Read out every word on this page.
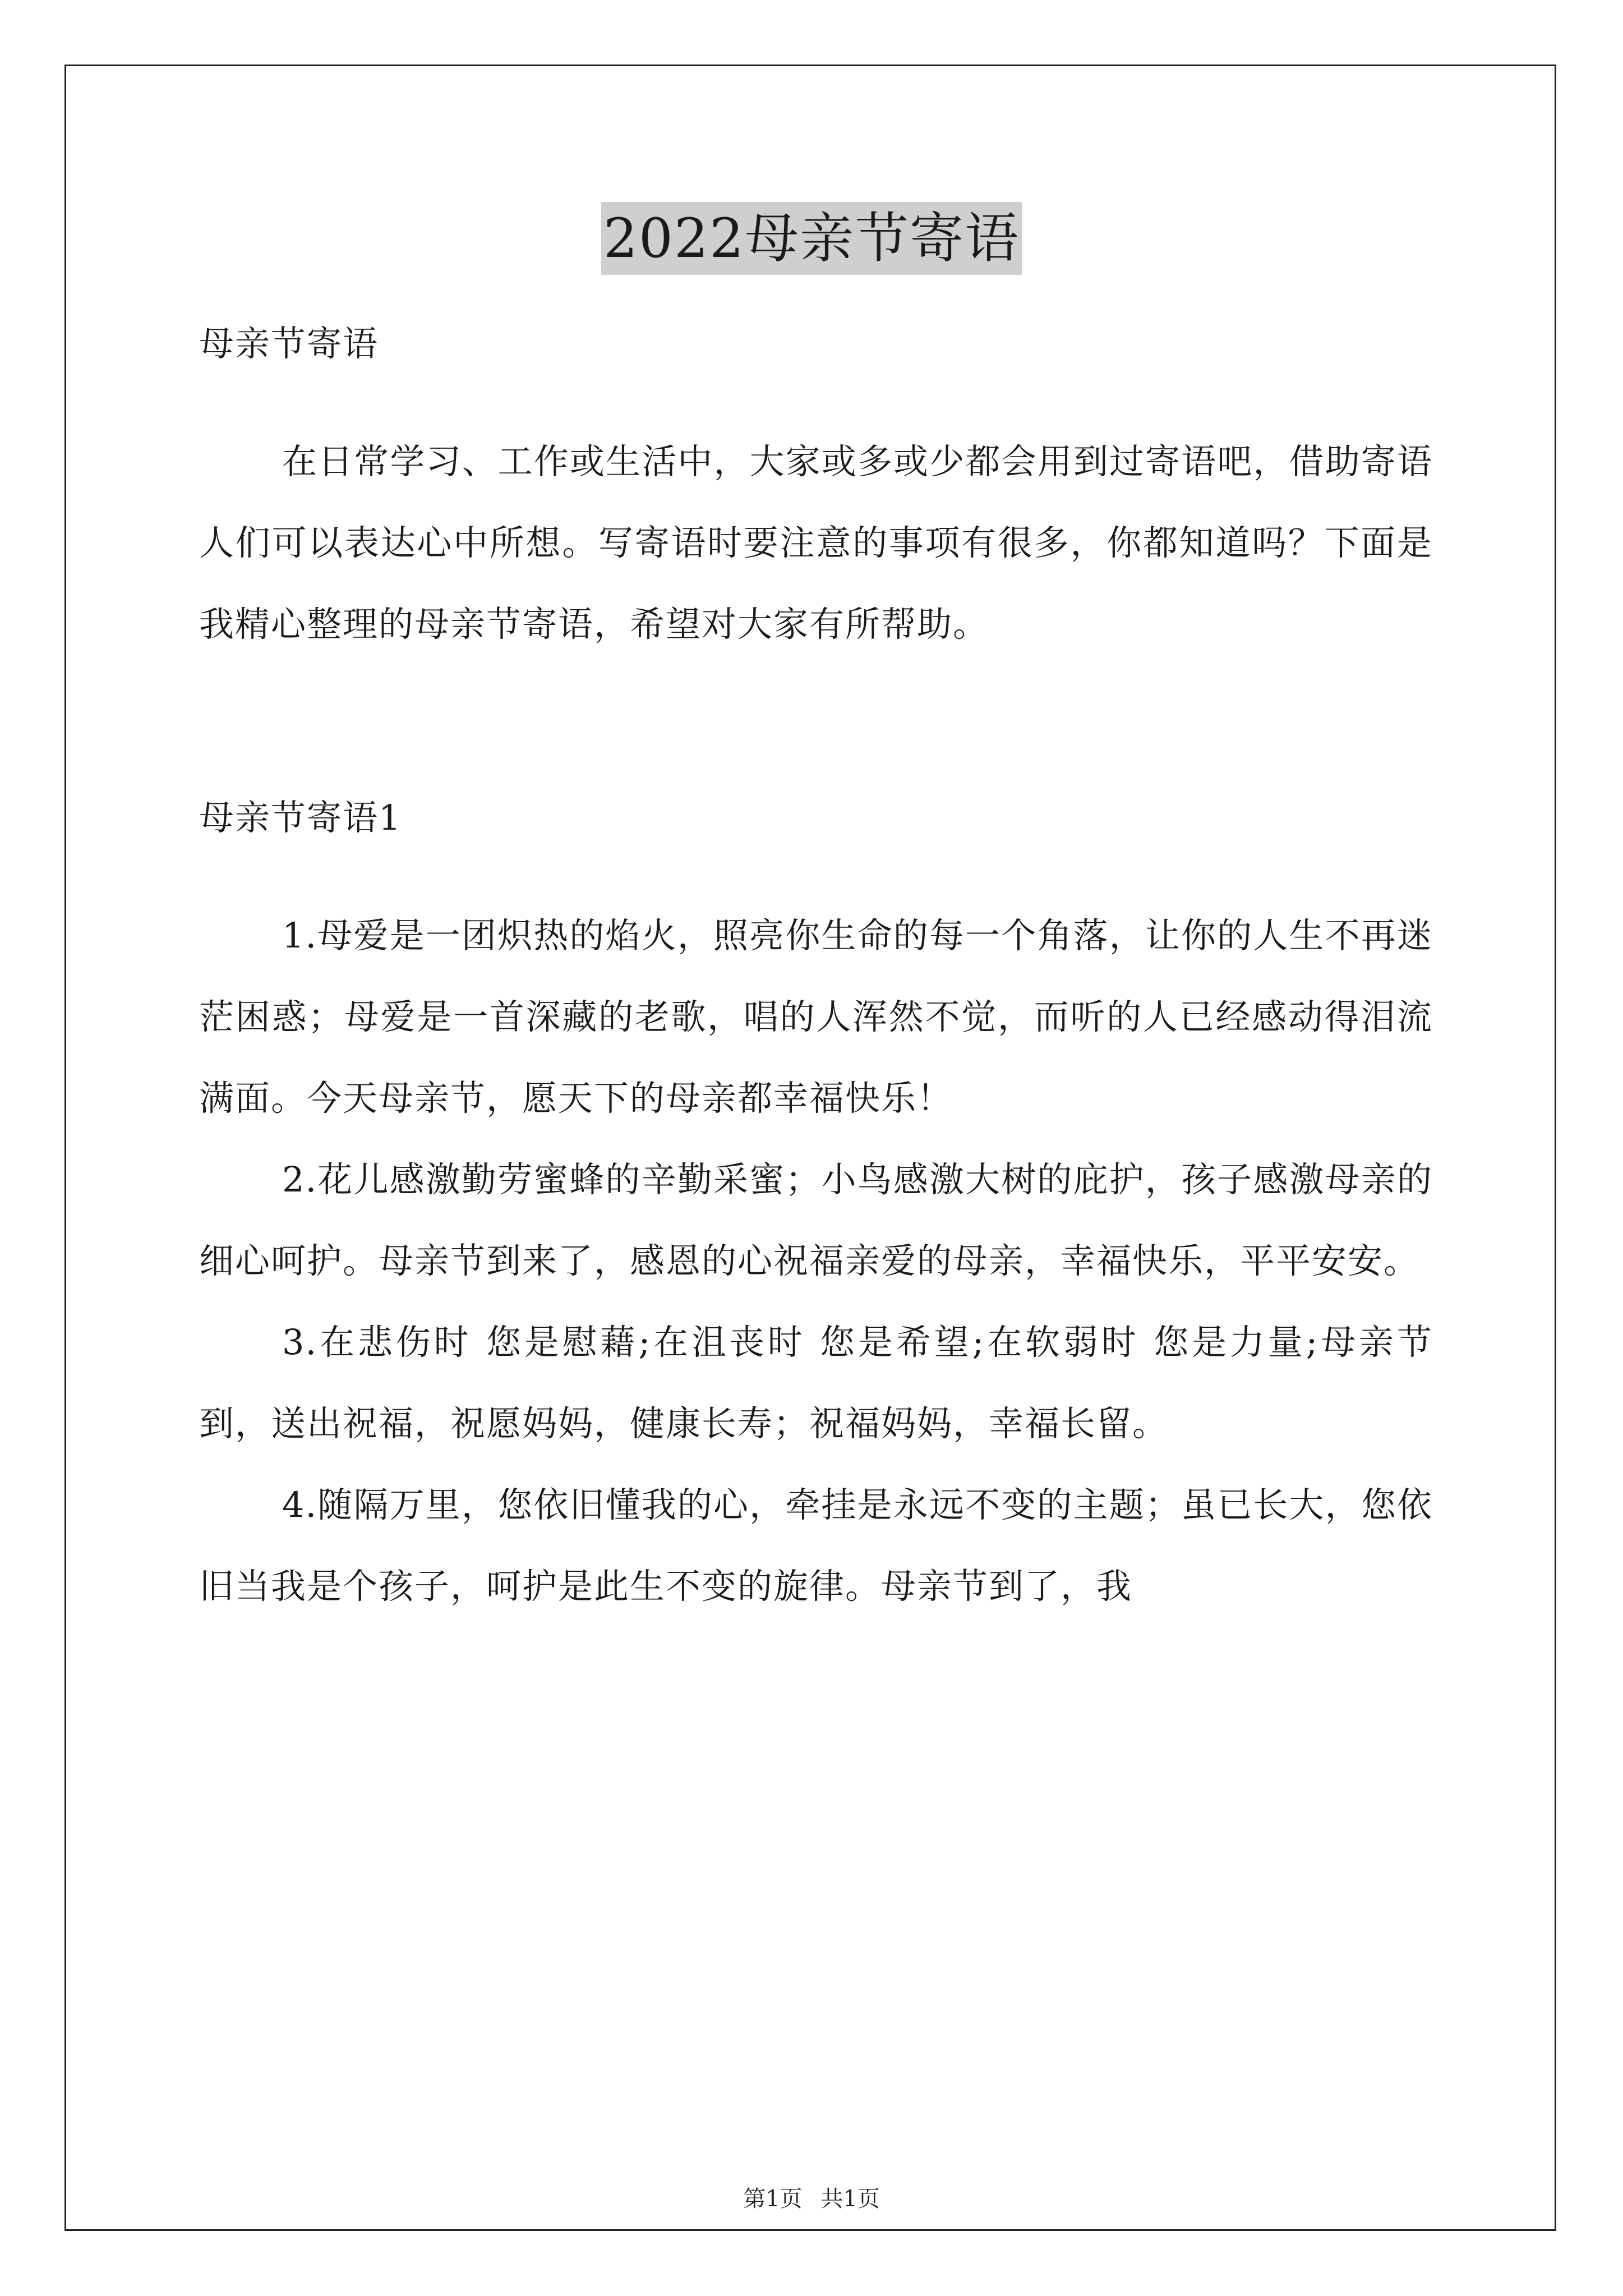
2022母亲节寄语

母亲节寄语

在日常学习、工作或生活中，大家或多或少都会用到过寄语吧，借助寄语人们可以表达心中所想。写寄语时要注意的事项有很多，你都知道吗？下面是我精心整理的母亲节寄语，希望对大家有所帮助。

母亲节寄语1

1.母爱是一团炽热的焰火，照亮你生命的每一个角落，让你的人生不再迷茫困惑；母爱是一首深藏的老歌，唱的人浑然不觉，而听的人已经感动得泪流满面。今天母亲节，愿天下的母亲都幸福快乐！

2.花儿感激勤劳蜜蜂的辛勤采蜜；小鸟感激大树的庇护，孩子感激母亲的细心呵护。母亲节到来了，感恩的心祝福亲爱的母亲，幸福快乐，平平安安。

3.在悲伤时 您是慰藉;在沮丧时 您是希望;在软弱时 您是力量;母亲节到，送出祝福，祝愿妈妈，健康长寿；祝福妈妈，幸福长留。

4.随隔万里，您依旧懂我的心，牵挂是永远不变的主题；虽已长大，您依旧当我是个孩子，呵护是此生不变的旋律。母亲节到了，我

第1页 共1页
